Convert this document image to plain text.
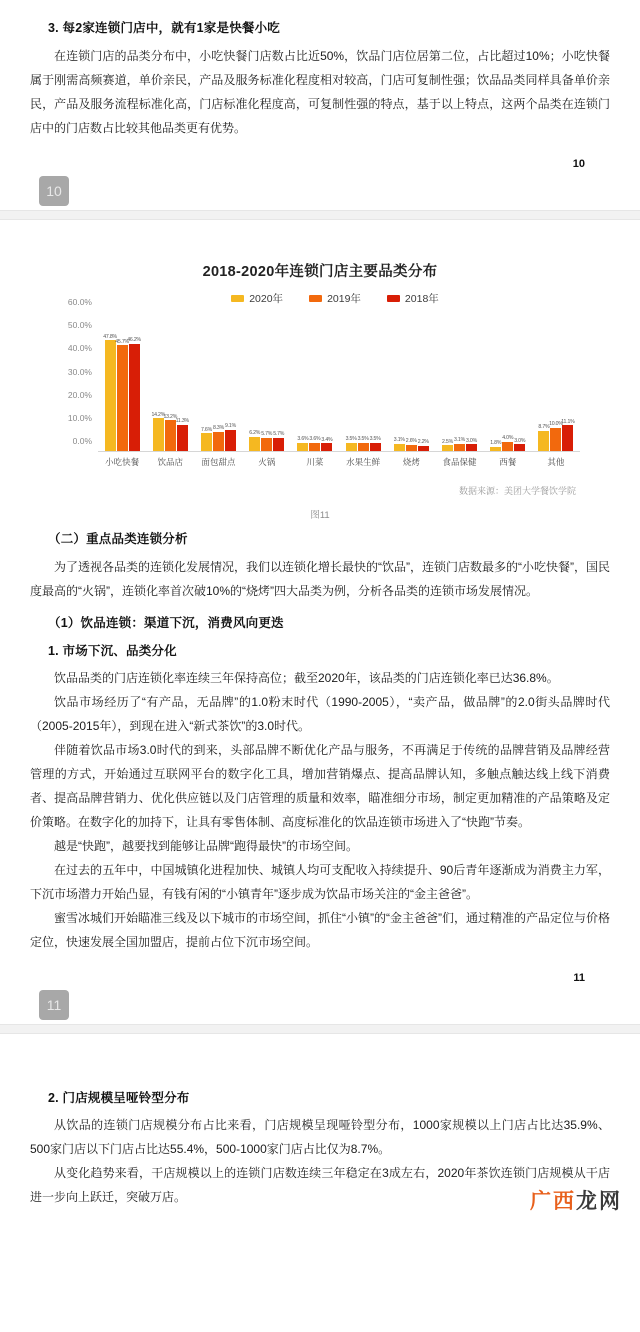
3. 每2家连锁门店中，就有1家是快餐小吃

在连锁门店的品类分布中，小吃快餐门店数占比近50%，饮品门店位居第二位，占比超过10%；小吃快餐属于刚需高频赛道，单价亲民，产品及服务标准化程度相对较高，门店可复制性强；饮品品类同样具备单价亲民，产品及服务流程标准化高，门店标准化程度高，可复制性强的特点，基于以上特点，这两个品类在连锁门店中的门店数占比较其他品类更有优势。

10
10
2018-2020年连锁门店主要品类分布
2020年	2019年	2018年
47.8%
45.7%
46.2%
14.2%
13.2%
11.3%
7.6% 8.3% 9.1%
6.2% 5.7% 5.7%
3.6% 3.6% 3.4%	3.5% 3.5% 3.5%	3.1% 2.6% 2.2%	2.5% 3.1% 3.0%	1.8%
4.0% 3.0%
8.7%
10.0%
11.1%
60.0%
50.0%
40.0%
30.0%
20.0%
10.0%
0.0%
小吃快餐	饮品店	面包甜点	火锅	川菜	水果生鲜	烧烤	食品保健	西餐	其他
数据来源：美团大学餐饮学院
图11
（二）重点品类连锁分析

为了透视各品类的连锁化发展情况，我们以连锁化增长最快的“饮品”，连锁门店数最多的“小吃快餐”，国民度最高的“火锅”，连锁化率首次破10%的“烧烤”四大品类为例，分析各品类的连锁市场发展情况。

（1）饮品连锁：渠道下沉，消费风向更迭
1. 市场下沉、品类分化

饮品品类的门店连锁化率连续三年保持高位；截至2020年，该品类的门店连锁化率已达36.8%。

饮品市场经历了“有产品，无品牌”的1.0粉末时代（1990-2005），“卖产品，做品牌”的2.0街头品牌时代（2005-2015年），到现在进入“新式茶饮”的3.0时代。

伴随着饮品市场3.0时代的到来，头部品牌不断优化产品与服务，不再满足于传统的品牌营销及品牌经营管理的方式，开始通过互联网平台的数字化工具，增加营销爆点、提高品牌认知，多触点触达线上线下消费者、提高品牌营销力、优化供应链以及门店管理的质量和效率，瞄准细分市场，制定更加精准的产品策略及定价策略。在数字化的加持下，让具有零售体制、高度标准化的饮品连锁市场进入了“快跑”节奏。

越是“快跑”，越要找到能够让品牌“跑得最快”的市场空间。

在过去的五年中，中国城镇化进程加快、城镇人均可支配收入持续提升、90后青年逐渐成为消费主力军，下沉市场潜力开始凸显，有钱有闲的“小镇青年”逐步成为饮品市场关注的“金主爸爸”。

蜜雪冰城们开始瞄准三线及以下城市的市场空间，抓住“小镇”的“金主爸爸”们，通过精准的产品定位与价格定位，快速发展全国加盟店，提前占位下沉市场空间。

11
11
2. 门店规模呈哑铃型分布

从饮品的连锁门店规模分布占比来看，门店规模呈现哑铃型分布，1000家规模以上门店占比达35.9%、500家门店以下门店占比达55.4%，500-1000家门店占比仅为8.7%。

从变化趋势来看，干店规模以上的连锁门店数连续三年稳定在3成左右，2020年茶饮连锁门店规模从干店进一步向上跃迁，突破万店。	广西龙网
